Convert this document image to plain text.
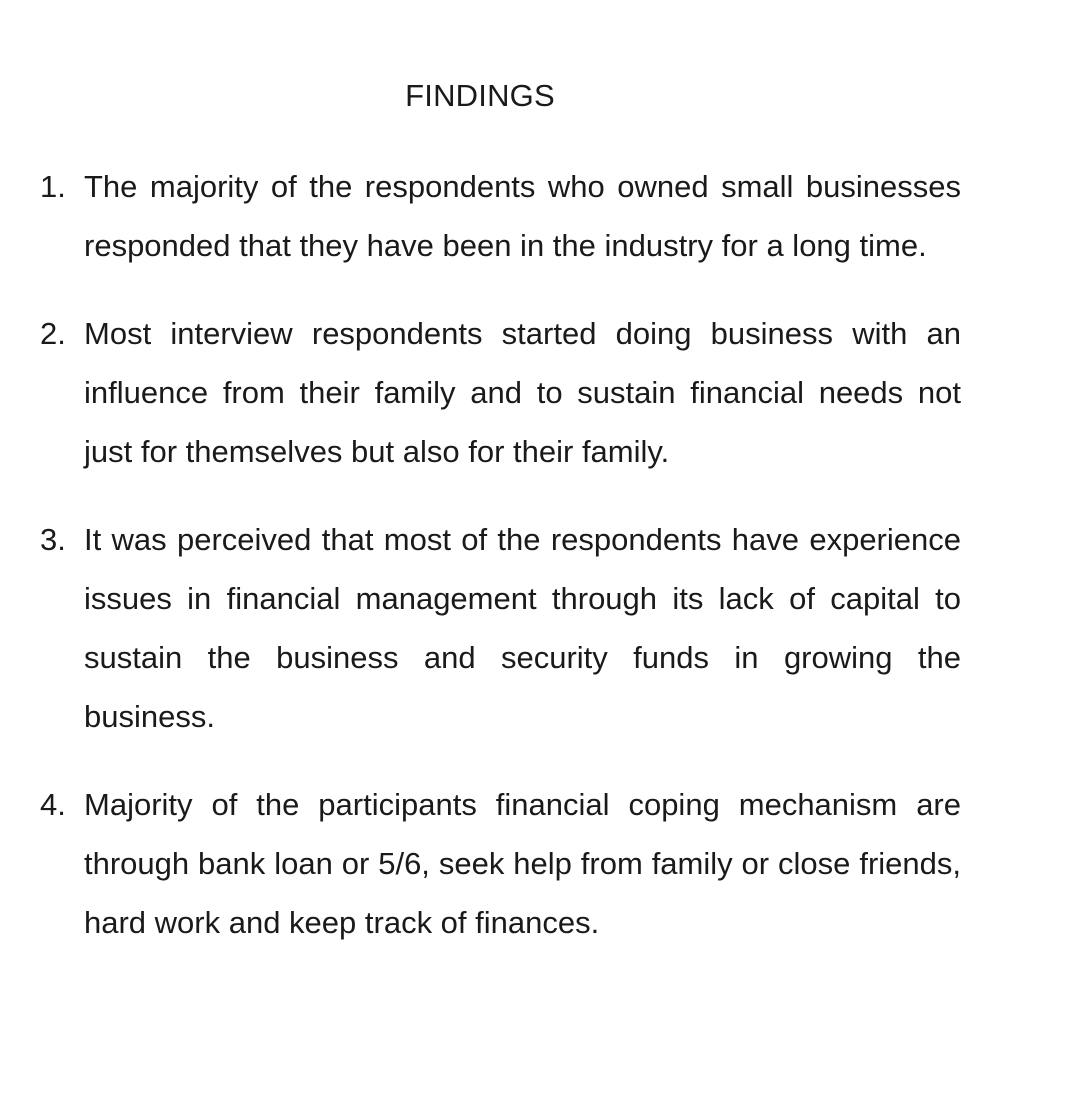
FINDINGS
1. The majority of the respondents who owned small businesses responded that they have been in the industry for a long time.
2. Most interview respondents started doing business with an influence from their family and to sustain financial needs not just for themselves but also for their family.
3. It was perceived that most of the respondents have experience issues in financial management through its lack of capital to sustain the business and security funds in growing the business.
4. Majority of the participants financial coping mechanism are through bank loan or 5/6, seek help from family or close friends, hard work and keep track of finances.
